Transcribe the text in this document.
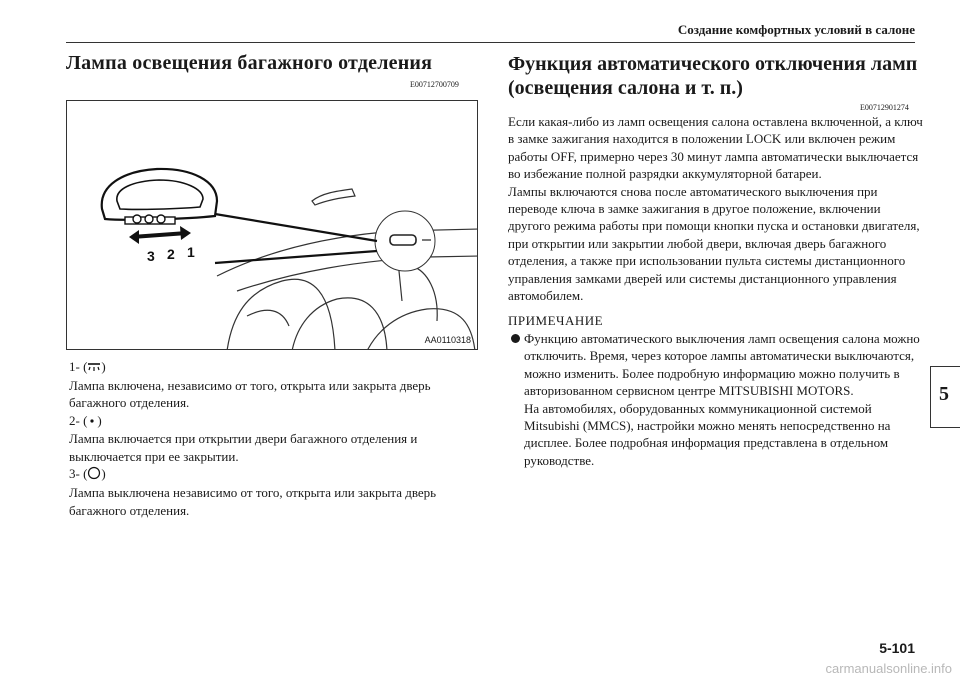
Создание комфортных условий в салоне
Лампа освещения багажного отделения
E00712700709
3 2 1
AA0110318

1- ( )

Лампа включена, независимо от того, открыта или закрыта дверь багажного отделения.

2- ( )

Лампа включается при открытии двери багажного отделения и выключается при ее закрытии.

3- ( )

Лампа выключена независимо от того, открыта или закрыта дверь багажного отделения.

Функция автоматического отключения ламп (освещения салона и т. п.)
E00712901274

Если какая-либо из ламп освещения салона оставлена включенной, а ключ в замке зажигания находится в положении LOCK или включен режим работы OFF, примерно через 30 минут лампа автоматически выключается во избежание полной разрядки аккумуляторной батареи.

Лампы включаются снова после автоматического выключения при переводе ключа в замке зажигания в другое положение, включении другого режима работы при помощи кнопки пуска и остановки двигателя, при открытии или закрытии любой двери, включая дверь багажного отделения, а также при использовании пульта системы дистанционного управления замками дверей или системы дистанционного управления автомобилем.

ПРИМЕЧАНИЕ

Функцию автоматического выключения ламп освещения салона можно отключить. Время, через которое лампы автоматически выключаются, можно изменить. Более подробную информацию можно получить в авторизованном сервисном центре MITSUBISHI MOTORS.

На автомобилях, оборудованных коммуникационной системой Mitsubishi (MMCS), настройки можно менять непосредственно на дисплее. Более подробная информация представлена в отдельном руководстве.

5
5-101
carmanualsonline.info
